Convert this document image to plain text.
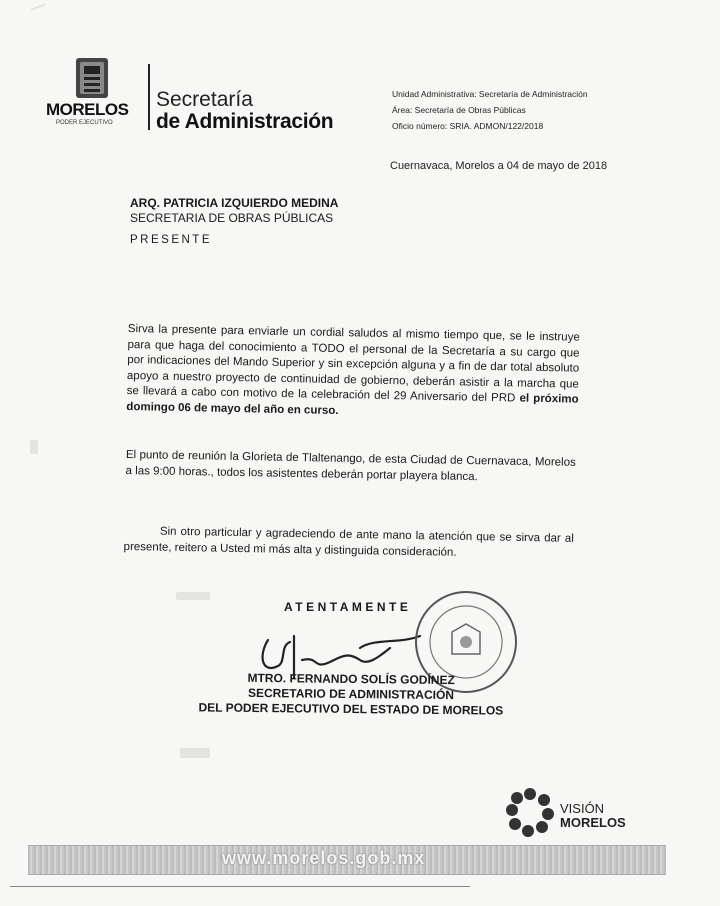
MORELOS
PODER EJECUTIVO
Secretaría
de Administración
Unidad Administrativa: Secretaría de Administración
Área: Secretaría de Obras Públicas
Oficio número: SRIA. ADMON/122/2018
Cuernavaca, Morelos a 04 de mayo de 2018
ARQ. PATRICIA IZQUIERDO MEDINA
SECRETARIA DE OBRAS PÚBLICAS
PRESENTE
Sirva la presente para enviarle un cordial saludos al mismo tiempo que, se le instruye para que haga del conocimiento a TODO el personal de la Secretaría a su cargo que por indicaciones del Mando Superior y sin excepción alguna y a fin de dar total absoluto apoyo a nuestro proyecto de continuidad de gobierno, deberán asistir a la marcha que se llevará a cabo con motivo de la celebración del 29 Aniversario del PRD el próximo domingo 06 de mayo del año en curso.
El punto de reunión la Glorieta de Tlaltenango, de esta Ciudad de Cuernavaca, Morelos a las 9:00 horas., todos los asistentes deberán portar playera blanca.
Sin otro particular y agradeciendo de ante mano la atención que se sirva dar al presente, reitero a Usted mi más alta y distinguida consideración.
ATENTAMENTE
MTRO. FERNANDO SOLÍS GODÍNEZ
SECRETARIO DE ADMINISTRACIÓN
DEL PODER EJECUTIVO DEL ESTADO DE MORELOS
VISIÓN
MORELOS
www.morelos.gob.mx
